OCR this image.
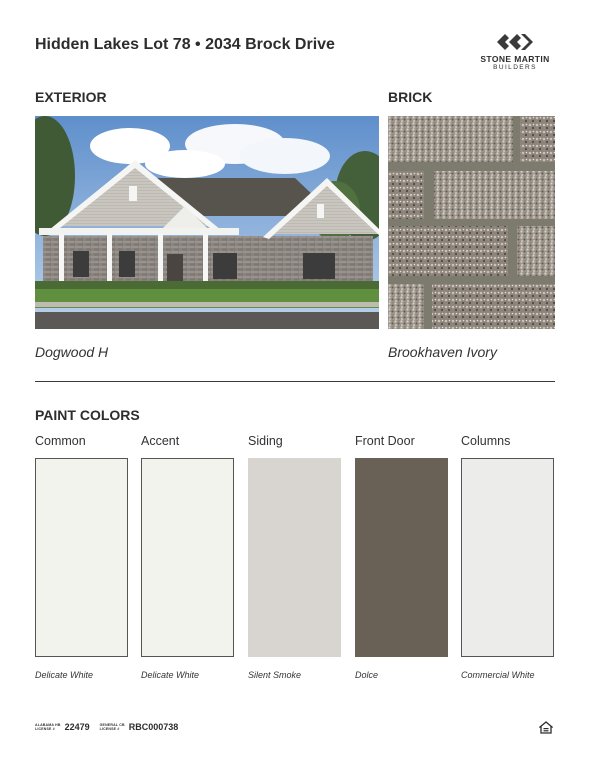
Hidden Lakes Lot 78 • 2034 Brock Drive
STONE MARTIN
BUILDERS
EXTERIOR	BRICK
Dogwood H	Brookhaven Ivory
PAINT COLORS
Common	Accent	Siding	Front Door	Columns
Delicate White	Delicate White	Silent Smoke	Dolce	Commercial White
ALABAMA HB
LICENSE #	22479	GENERAL CB
LICENSE #	RBC000738
